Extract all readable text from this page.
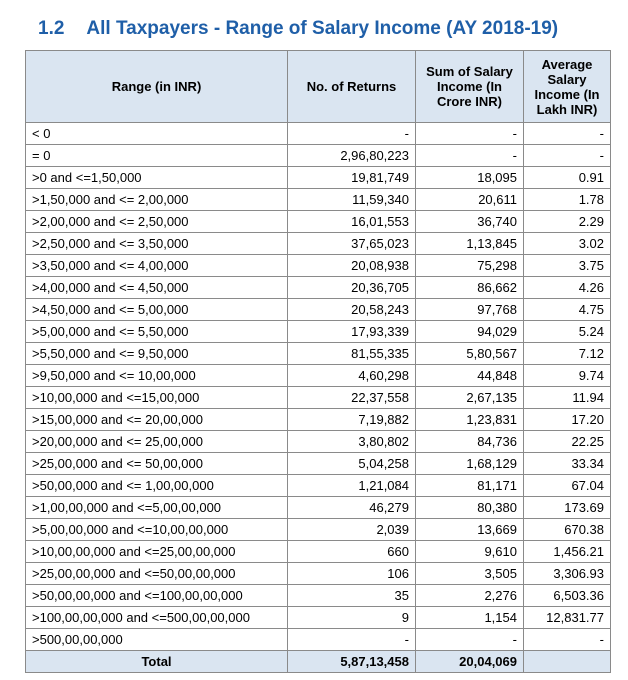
1.2 All Taxpayers - Range of Salary Income (AY 2018-19)
Range (in INR)	No. of Returns	Sum of Salary Income (In Crore INR)	Average Salary Income (In Lakh INR)
< 0	-	-	-
= 0	2,96,80,223	-	-
>0 and <=1,50,000	19,81,749	18,095	0.91
>1,50,000 and <= 2,00,000	11,59,340	20,611	1.78
>2,00,000 and <= 2,50,000	16,01,553	36,740	2.29
>2,50,000 and <= 3,50,000	37,65,023	1,13,845	3.02
>3,50,000 and <= 4,00,000	20,08,938	75,298	3.75
>4,00,000 and <= 4,50,000	20,36,705	86,662	4.26
>4,50,000 and <= 5,00,000	20,58,243	97,768	4.75
>5,00,000 and <= 5,50,000	17,93,339	94,029	5.24
>5,50,000 and <= 9,50,000	81,55,335	5,80,567	7.12
>9,50,000 and <= 10,00,000	4,60,298	44,848	9.74
>10,00,000 and <=15,00,000	22,37,558	2,67,135	11.94
>15,00,000 and <= 20,00,000	7,19,882	1,23,831	17.20
>20,00,000 and <= 25,00,000	3,80,802	84,736	22.25
>25,00,000 and <= 50,00,000	5,04,258	1,68,129	33.34
>50,00,000 and <= 1,00,00,000	1,21,084	81,171	67.04
>1,00,00,000 and <=5,00,00,000	46,279	80,380	173.69
>5,00,00,000 and <=10,00,00,000	2,039	13,669	670.38
>10,00,00,000 and <=25,00,00,000	660	9,610	1,456.21
>25,00,00,000 and <=50,00,00,000	106	3,505	3,306.93
>50,00,00,000 and <=100,00,00,000	35	2,276	6,503.36
>100,00,00,000 and <=500,00,00,000	9	1,154	12,831.77
>500,00,00,000	-	-	-
Total	5,87,13,458	20,04,069	
